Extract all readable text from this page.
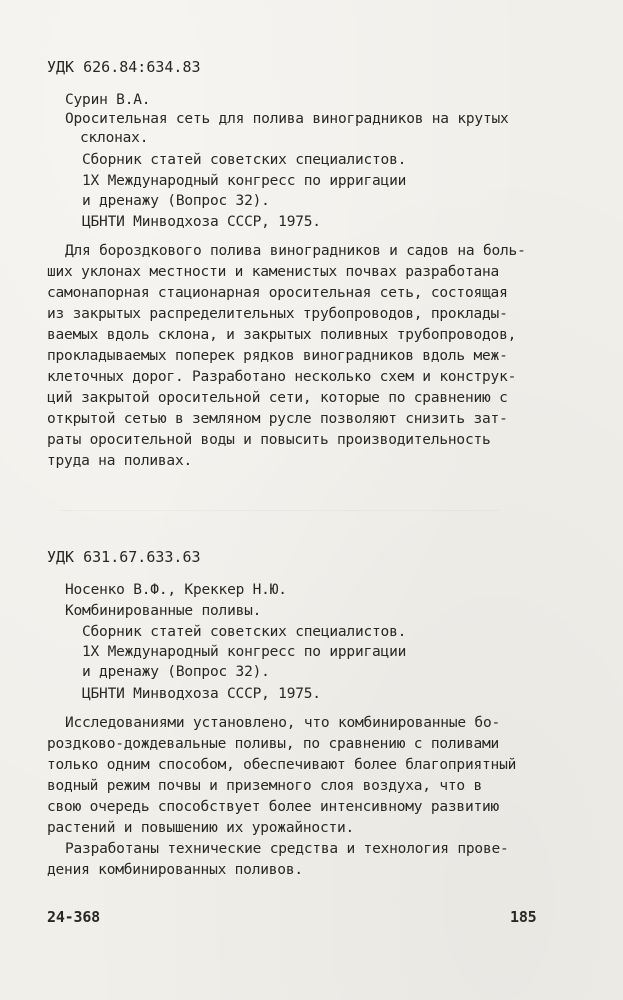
УДК 626.84:634.83
Сурин В.А.
Оросительная сеть для полива виноградников на крутых
склонах.
Сборник статей советских специалистов.
1Х Международный конгресс по ирригации
и дренажу (Вопрос 32).
ЦБНТИ Минводхоза СССР, 1975.
Для бороздкового полива виноградников и садов на боль-
ших уклонах местности и каменистых почвах разработана
самонапорная стационарная оросительная сеть, состоящая
из закрытых распределительных трубопроводов, проклады-
ваемых вдоль склона, и закрытых поливных трубопроводов,
прокладываемых поперек рядков виноградников вдоль меж-
клеточных дорог. Разработано несколько схем и конструк-
ций закрытой оросительной сети, которые по сравнению с
открытой сетью в земляном русле позволяют снизить зат-
раты оросительной воды и повысить производительность
труда на поливах.
УДК 631.67.633.63
Носенко В.Ф., Креккер Н.Ю.
Комбинированные поливы.
Сборник статей советских специалистов.
1Х Международный конгресс по ирригации
и дренажу (Вопрос 32).
ЦБНТИ Минводхоза СССР, 1975.
Исследованиями установлено, что комбинированные бо-
роздково-дождевальные поливы, по сравнению с поливами
только одним способом, обеспечивают более благоприятный
водный режим почвы и приземного слоя воздуха, что в
свою очередь способствует более интенсивному развитию
растений и повышению их урожайности.
Разработаны технические средства и технология прове-
дения комбинированных поливов.
24-368	185
